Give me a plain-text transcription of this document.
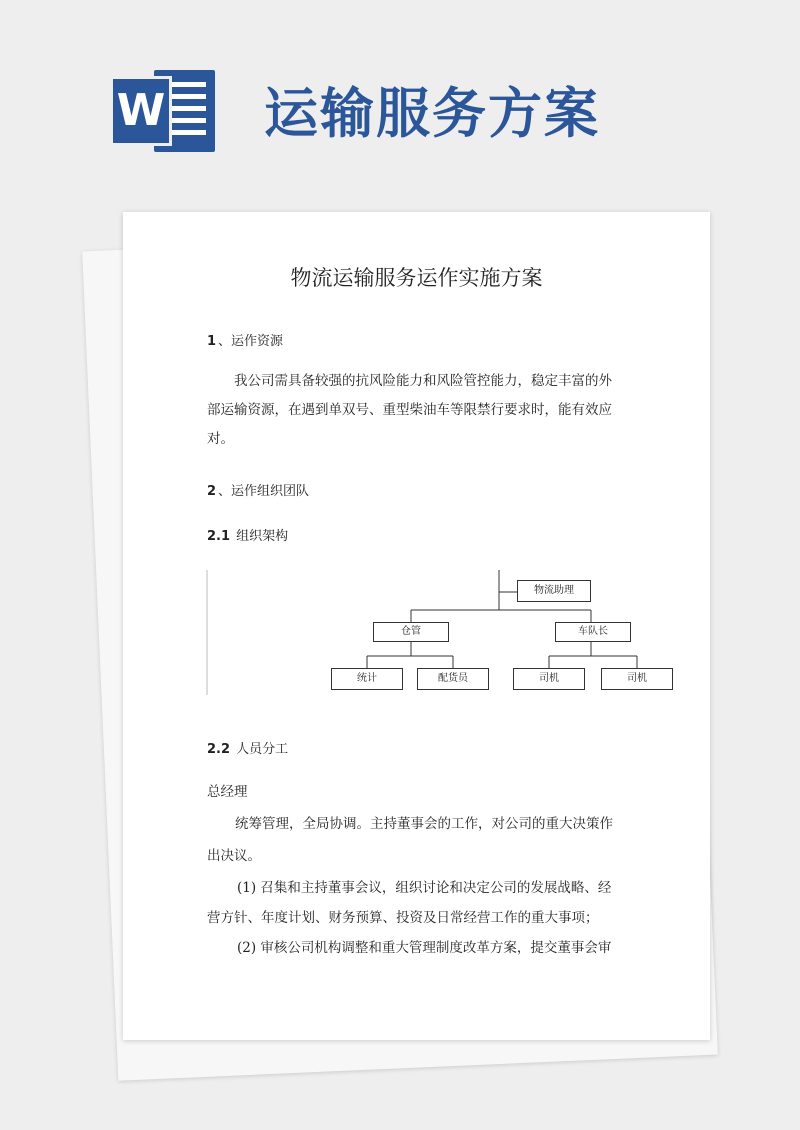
W 运输服务方案
物流运输服务运作实施方案
1 、运作资源
我公司需具备较强的抗风险能力和风险管控能力，稳定丰富的外部运输资源，在遇到单双号、重型柴油车等限禁行要求时，能有效应对。
2 、运作组织团队
2.1 组织架构
物流助理
仓管	车队长
统计	配货员	司机	司机
2.2 人员分工
总经理
统筹管理，全局协调。主持董事会的工作，对公司的重大决策作
出决议。
(1) 召集和主持董事会议，组织讨论和决定公司的发展战略、经
营方针、年度计划、财务预算、投资及日常经营工作的重大事项；
(2) 审核公司机构调整和重大管理制度改革方案，提交董事会审
